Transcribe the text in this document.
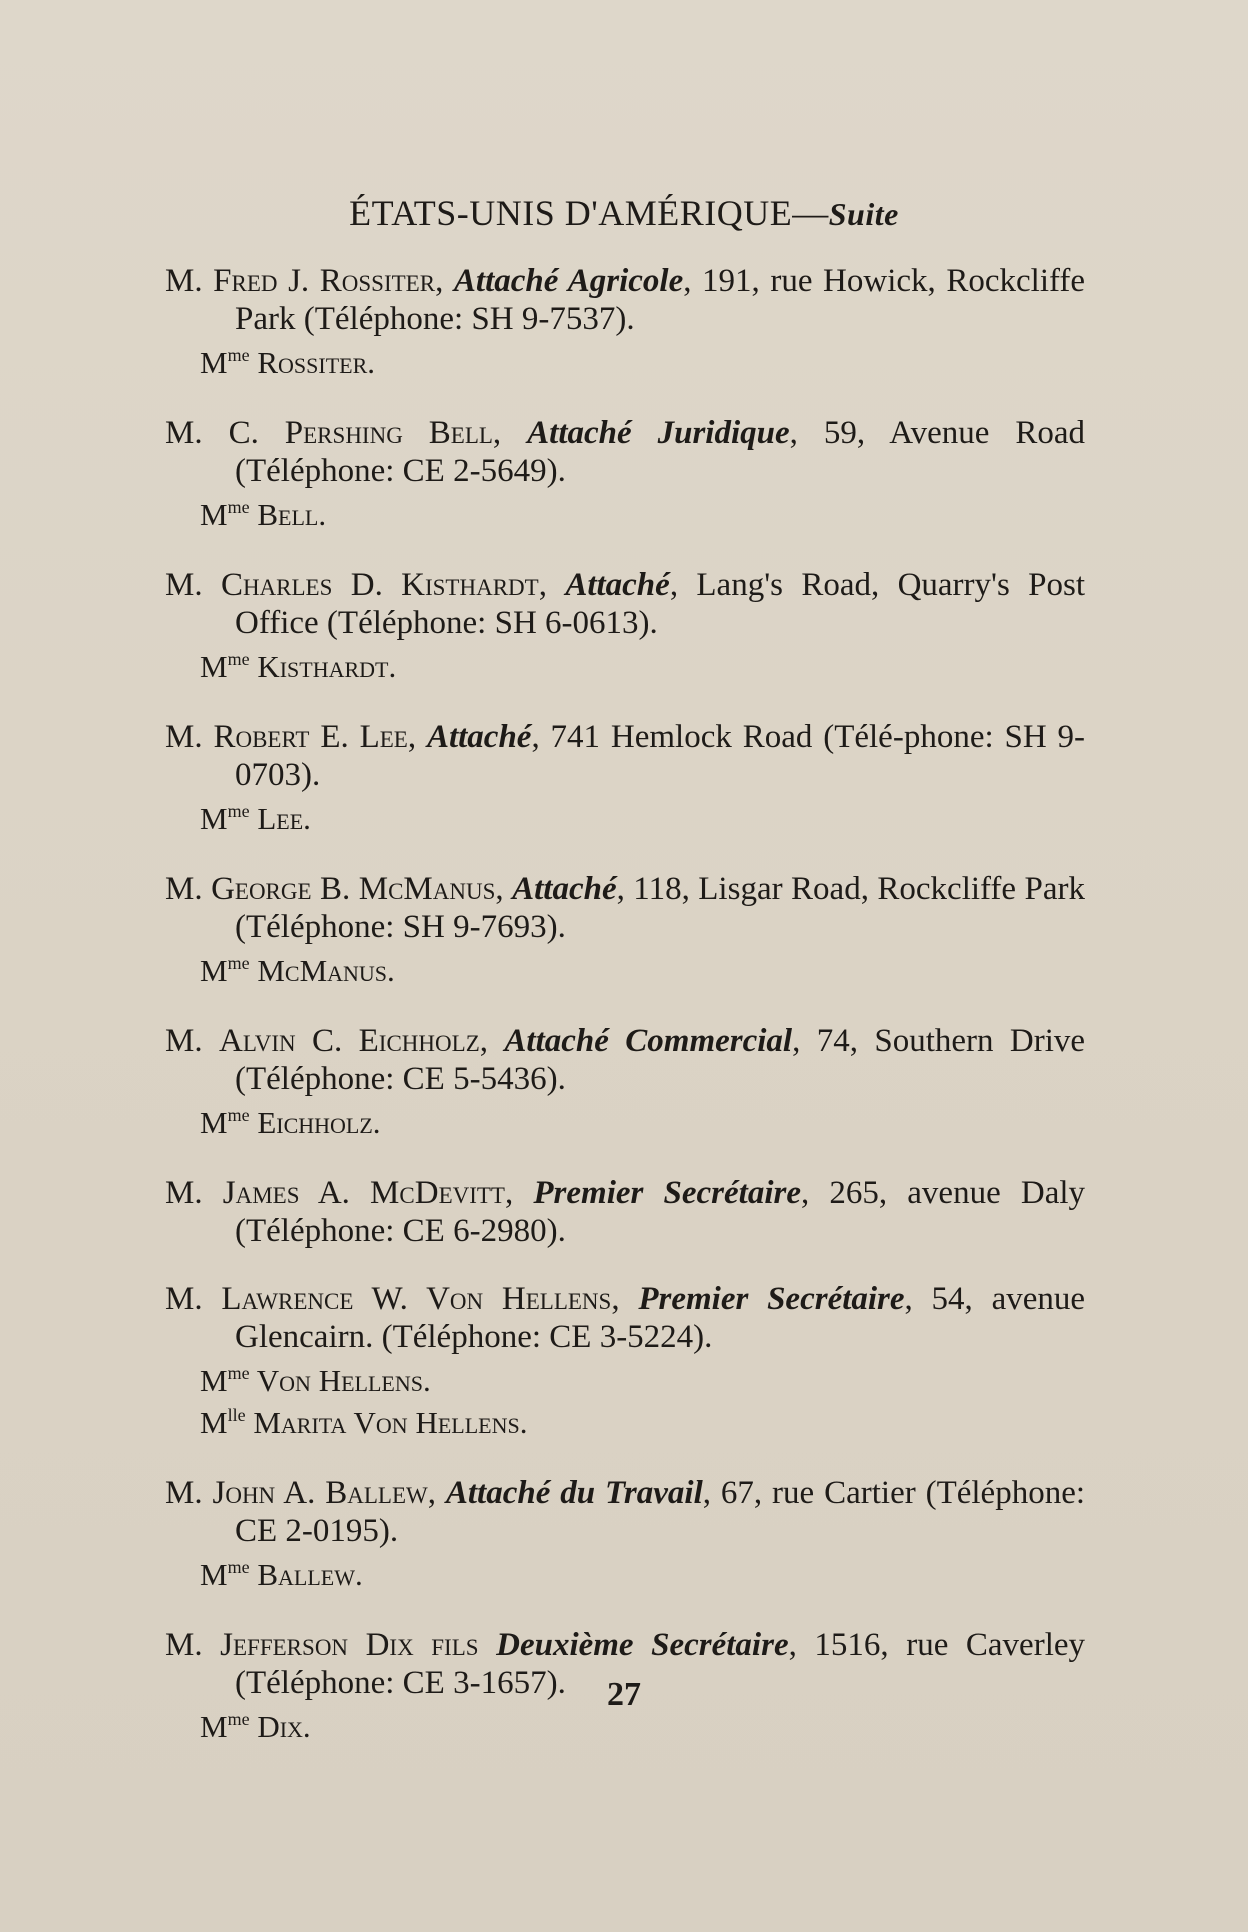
ÉTATS-UNIS D'AMÉRIQUE—Suite
M. Fred J. Rossiter, Attaché Agricole, 191, rue Howick, Rockcliffe Park (Téléphone: SH 9-7537).
$M^{me}$ Rossiter.
M. C. Pershing Bell, Attaché Juridique, 59, Avenue Road (Téléphone: CE 2-5649).
$M^{me}$ Bell.
M. Charles D. Kisthardt, Attaché, Lang's Road, Quarry's Post Office (Téléphone: SH 6-0613).
$M^{me}$ Kisthardt.
M. Robert E. Lee, Attaché, 741 Hemlock Road (Télé-phone: SH 9-0703).
$M^{me}$ Lee.
M. George B. McManus, Attaché, 118, Lisgar Road, Rockcliffe Park (Téléphone: SH 9-7693).
$M^{me}$ McManus.
M. Alvin C. Eichholz, Attaché Commercial, 74, Southern Drive (Téléphone: CE 5-5436).
$M^{me}$ Eichholz.
M. James A. McDevitt, Premier Secrétaire, 265, avenue Daly (Téléphone: CE 6-2980).
M. Lawrence W. Von Hellens, Premier Secrétaire, 54, avenue Glencairn. (Téléphone: CE 3-5224).
$M^{me}$ Von Hellens.
$M^{lle}$ Marita Von Hellens.
M. John A. Ballew, Attaché du Travail, 67, rue Cartier (Téléphone: CE 2-0195).
$M^{me}$ Ballew.
M. Jefferson Dix fils Deuxième Secrétaire, 1516, rue Caverley (Téléphone: CE 3-1657).
$M^{me}$ Dix.
27
